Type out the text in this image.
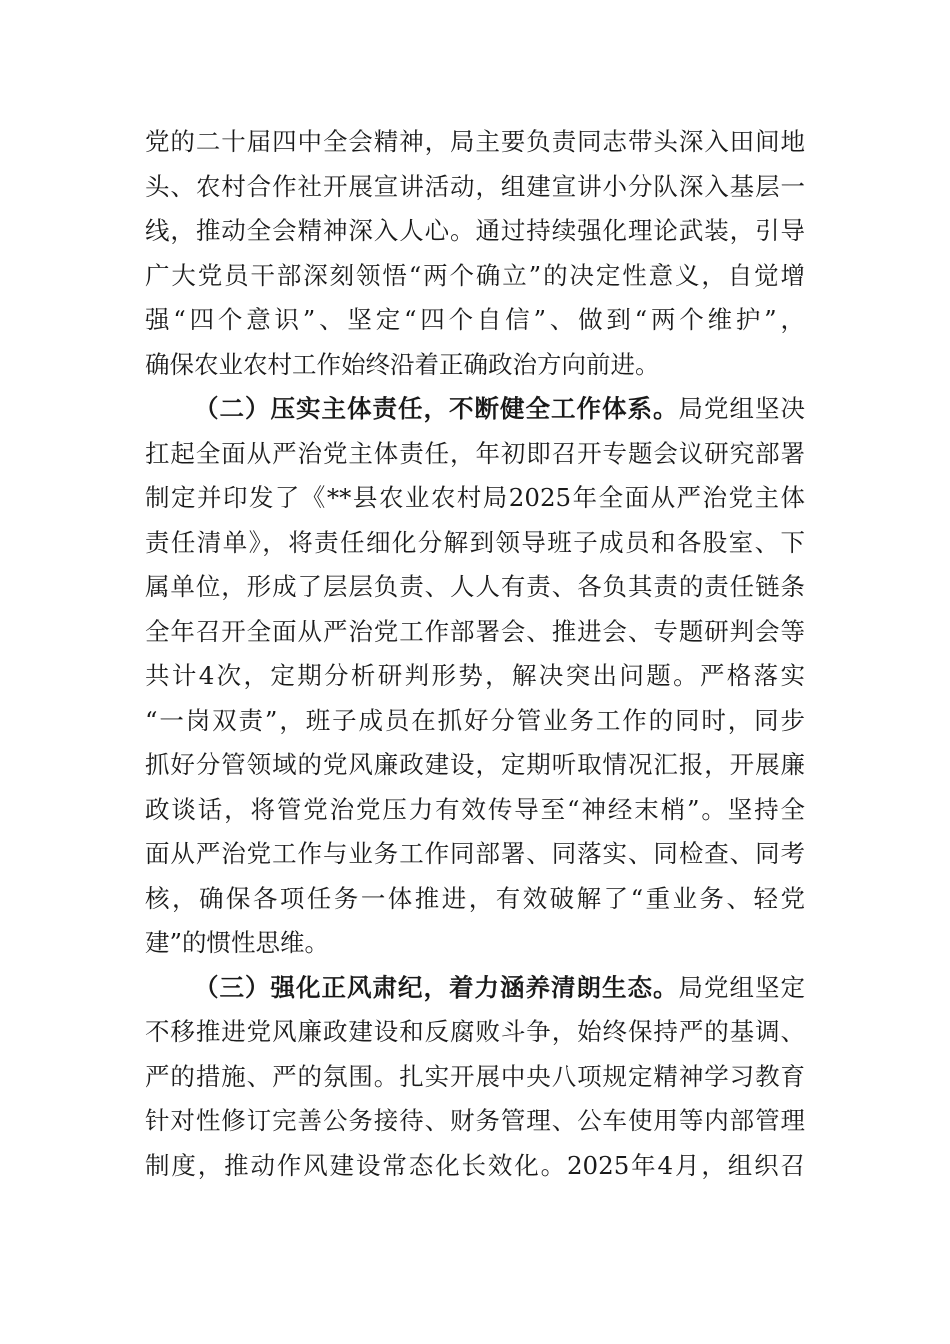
党的二十届四中全会精神，局主要负责同志带头深入田间地
头、农村合作社开展宣讲活动，组建宣讲小分队深入基层一
线，推动全会精神深入人心。通过持续强化理论武装，引导
广大党员干部深刻领悟“两个确立”的决定性意义，自觉增
强“四个意识”、坚定“四个自信”、做到“两个维护”，
确保农业农村工作始终沿着正确政治方向前进。
（二）压实主体责任，不断健全工作体系。局党组坚决
扛起全面从严治党主体责任，年初即召开专题会议研究部署
制定并印发了《**县农业农村局2025年全面从严治党主体
责任清单》，将责任细化分解到领导班子成员和各股室、下
属单位，形成了层层负责、人人有责、各负其责的责任链条
全年召开全面从严治党工作部署会、推进会、专题研判会等
共计4次，定期分析研判形势，解决突出问题。严格落实
“一岗双责”，班子成员在抓好分管业务工作的同时，同步
抓好分管领域的党风廉政建设，定期听取情况汇报，开展廉
政谈话，将管党治党压力有效传导至“神经末梢”。坚持全
面从严治党工作与业务工作同部署、同落实、同检查、同考
核，确保各项任务一体推进，有效破解了“重业务、轻党
建”的惯性思维。
（三）强化正风肃纪，着力涵养清朗生态。局党组坚定
不移推进党风廉政建设和反腐败斗争，始终保持严的基调、
严的措施、严的氛围。扎实开展中央八项规定精神学习教育
针对性修订完善公务接待、财务管理、公车使用等内部管理
制度，推动作风建设常态化长效化。2025年4月，组织召
